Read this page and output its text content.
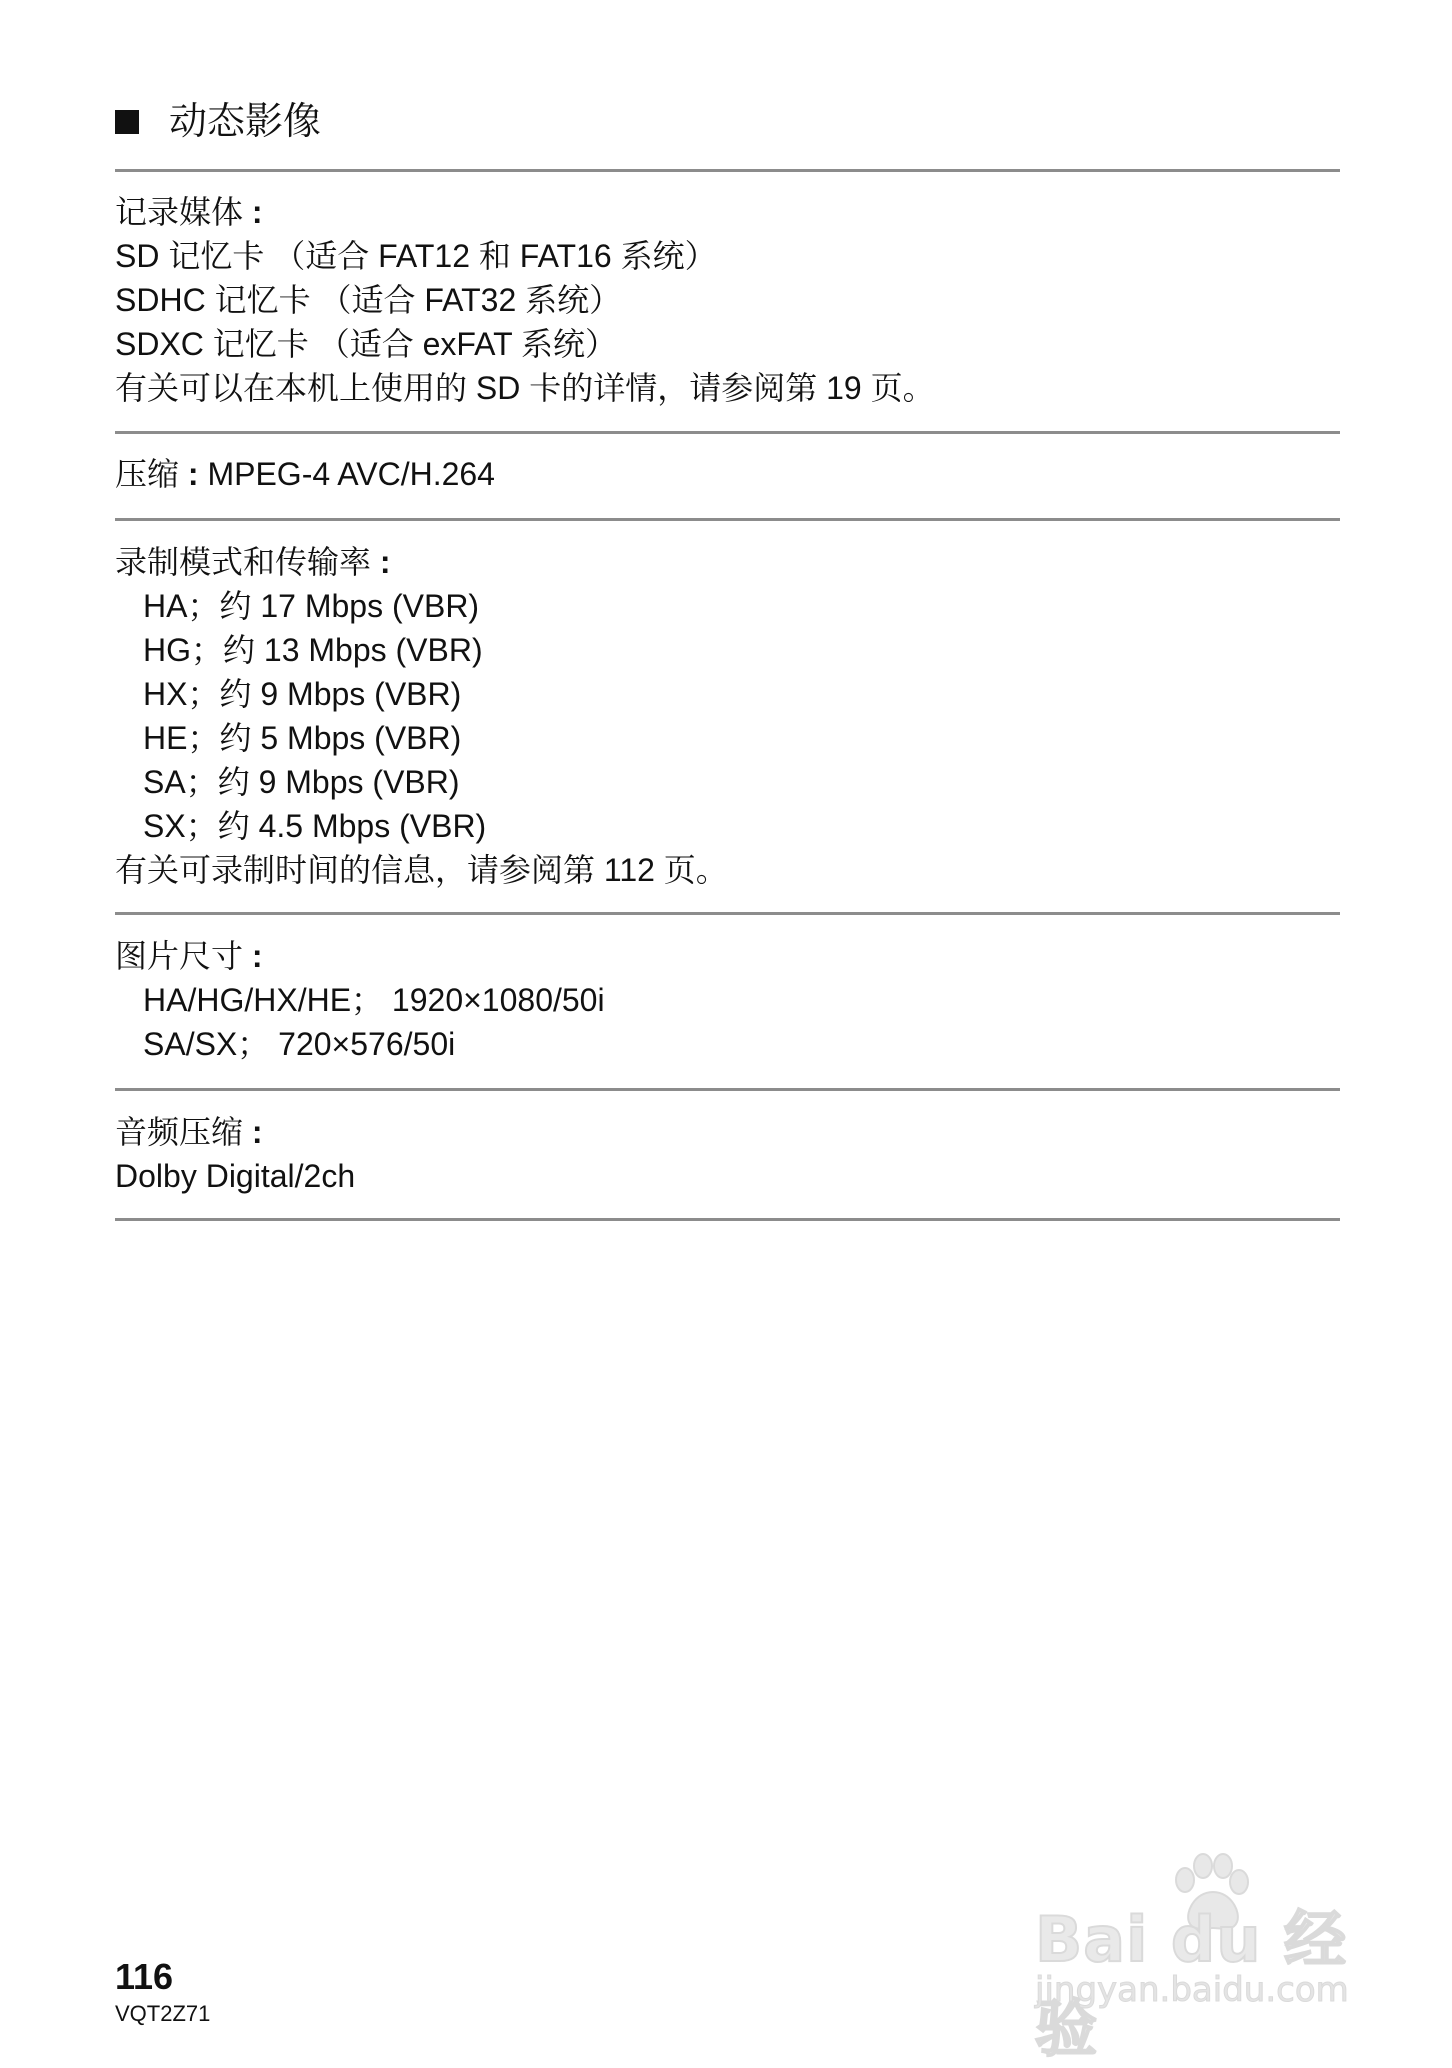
动态影像
记录媒体 :
SD 记忆卡 （适合 FAT12 和 FAT16 系统）
SDHC 记忆卡 （适合 FAT32 系统）
SDXC 记忆卡 （适合 exFAT 系统）
有关可以在本机上使用的 SD 卡的详情，请参阅第 19 页。
压缩 : MPEG-4 AVC/H.264
录制模式和传输率 :
HA；约 17 Mbps (VBR)
HG；约 13 Mbps (VBR)
HX；约 9 Mbps (VBR)
HE；约 5 Mbps (VBR)
SA；约 9 Mbps (VBR)
SX；约 4.5 Mbps (VBR)
有关可录制时间的信息，请参阅第 112 页。
图片尺寸 :
HA/HG/HX/HE； 1920×1080/50i
SA/SX； 720×576/50i
音频压缩 :
Dolby Digital/2ch
116
VQT2Z71
Bai du 经验
jingyan.baidu.com
